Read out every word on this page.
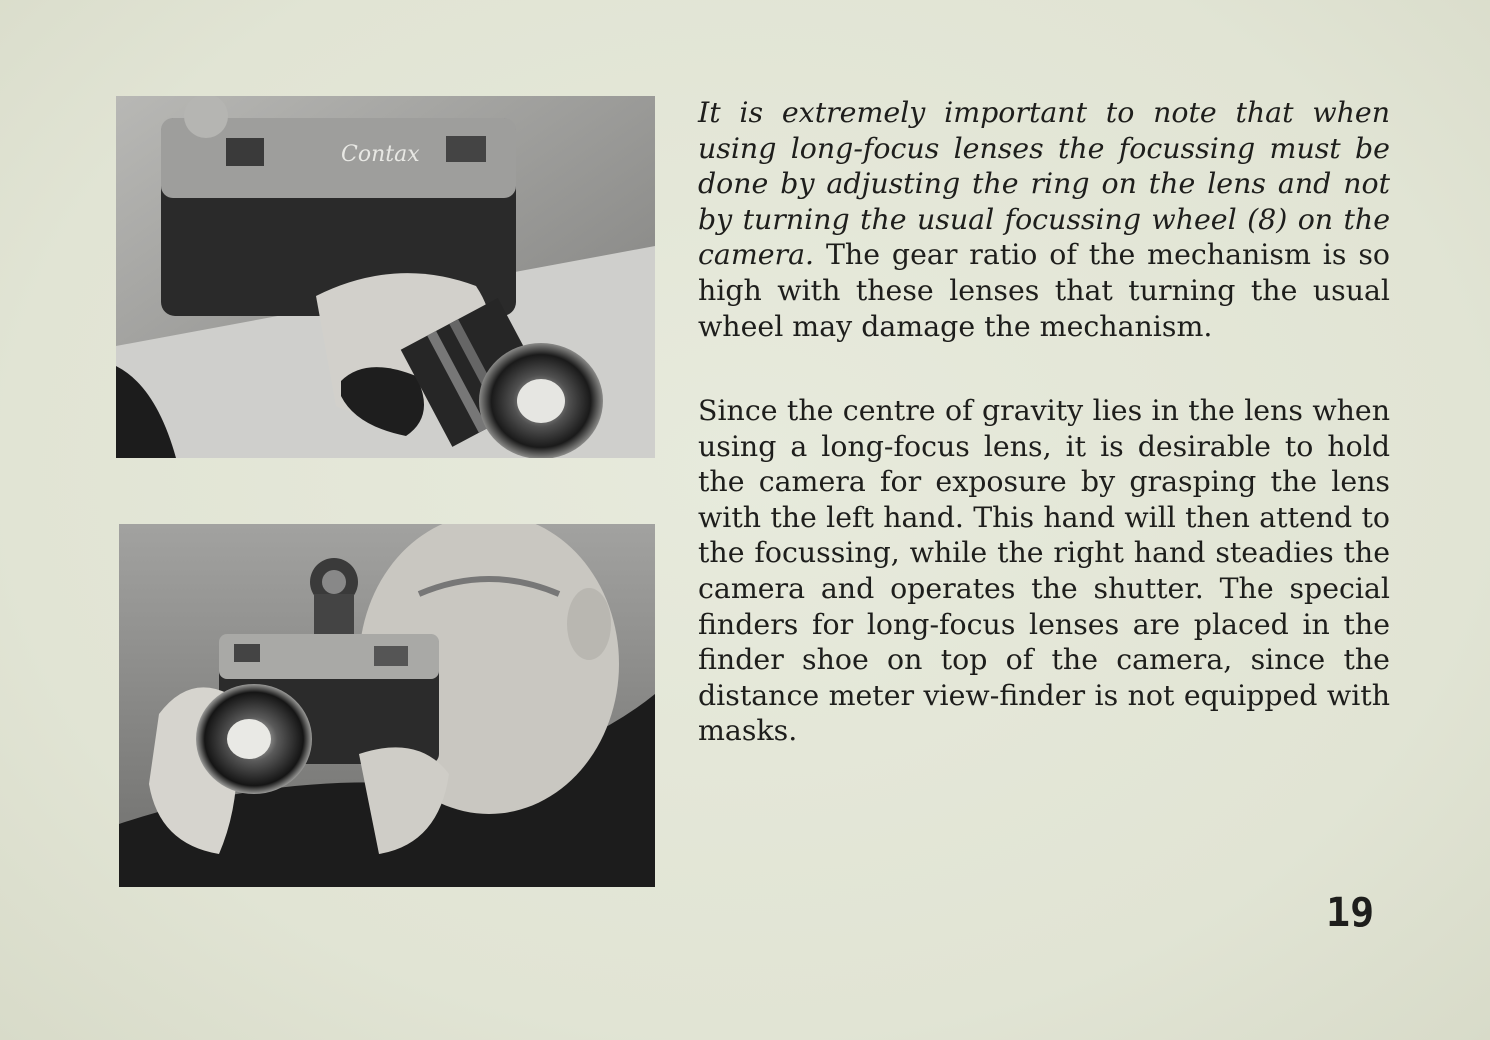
Contax

It is extremely important to note that when using long-focus lenses the focussing must be done by adjusting the ring on the lens and not by turning the usual focussing wheel (8) on the camera. The gear ratio of the mechanism is so high with these lenses that turning the usual wheel may damage the mechanism.

Since the centre of gravity lies in the lens when using a long-focus lens, it is desirable to hold the camera for exposure by grasping the lens with the left hand. This hand will then attend to the focussing, while the right hand steadies the camera and operates the shutter. The special finders for long-focus lenses are placed in the finder shoe on top of the camera, since the distance meter view-finder is not equipped with masks.

19
